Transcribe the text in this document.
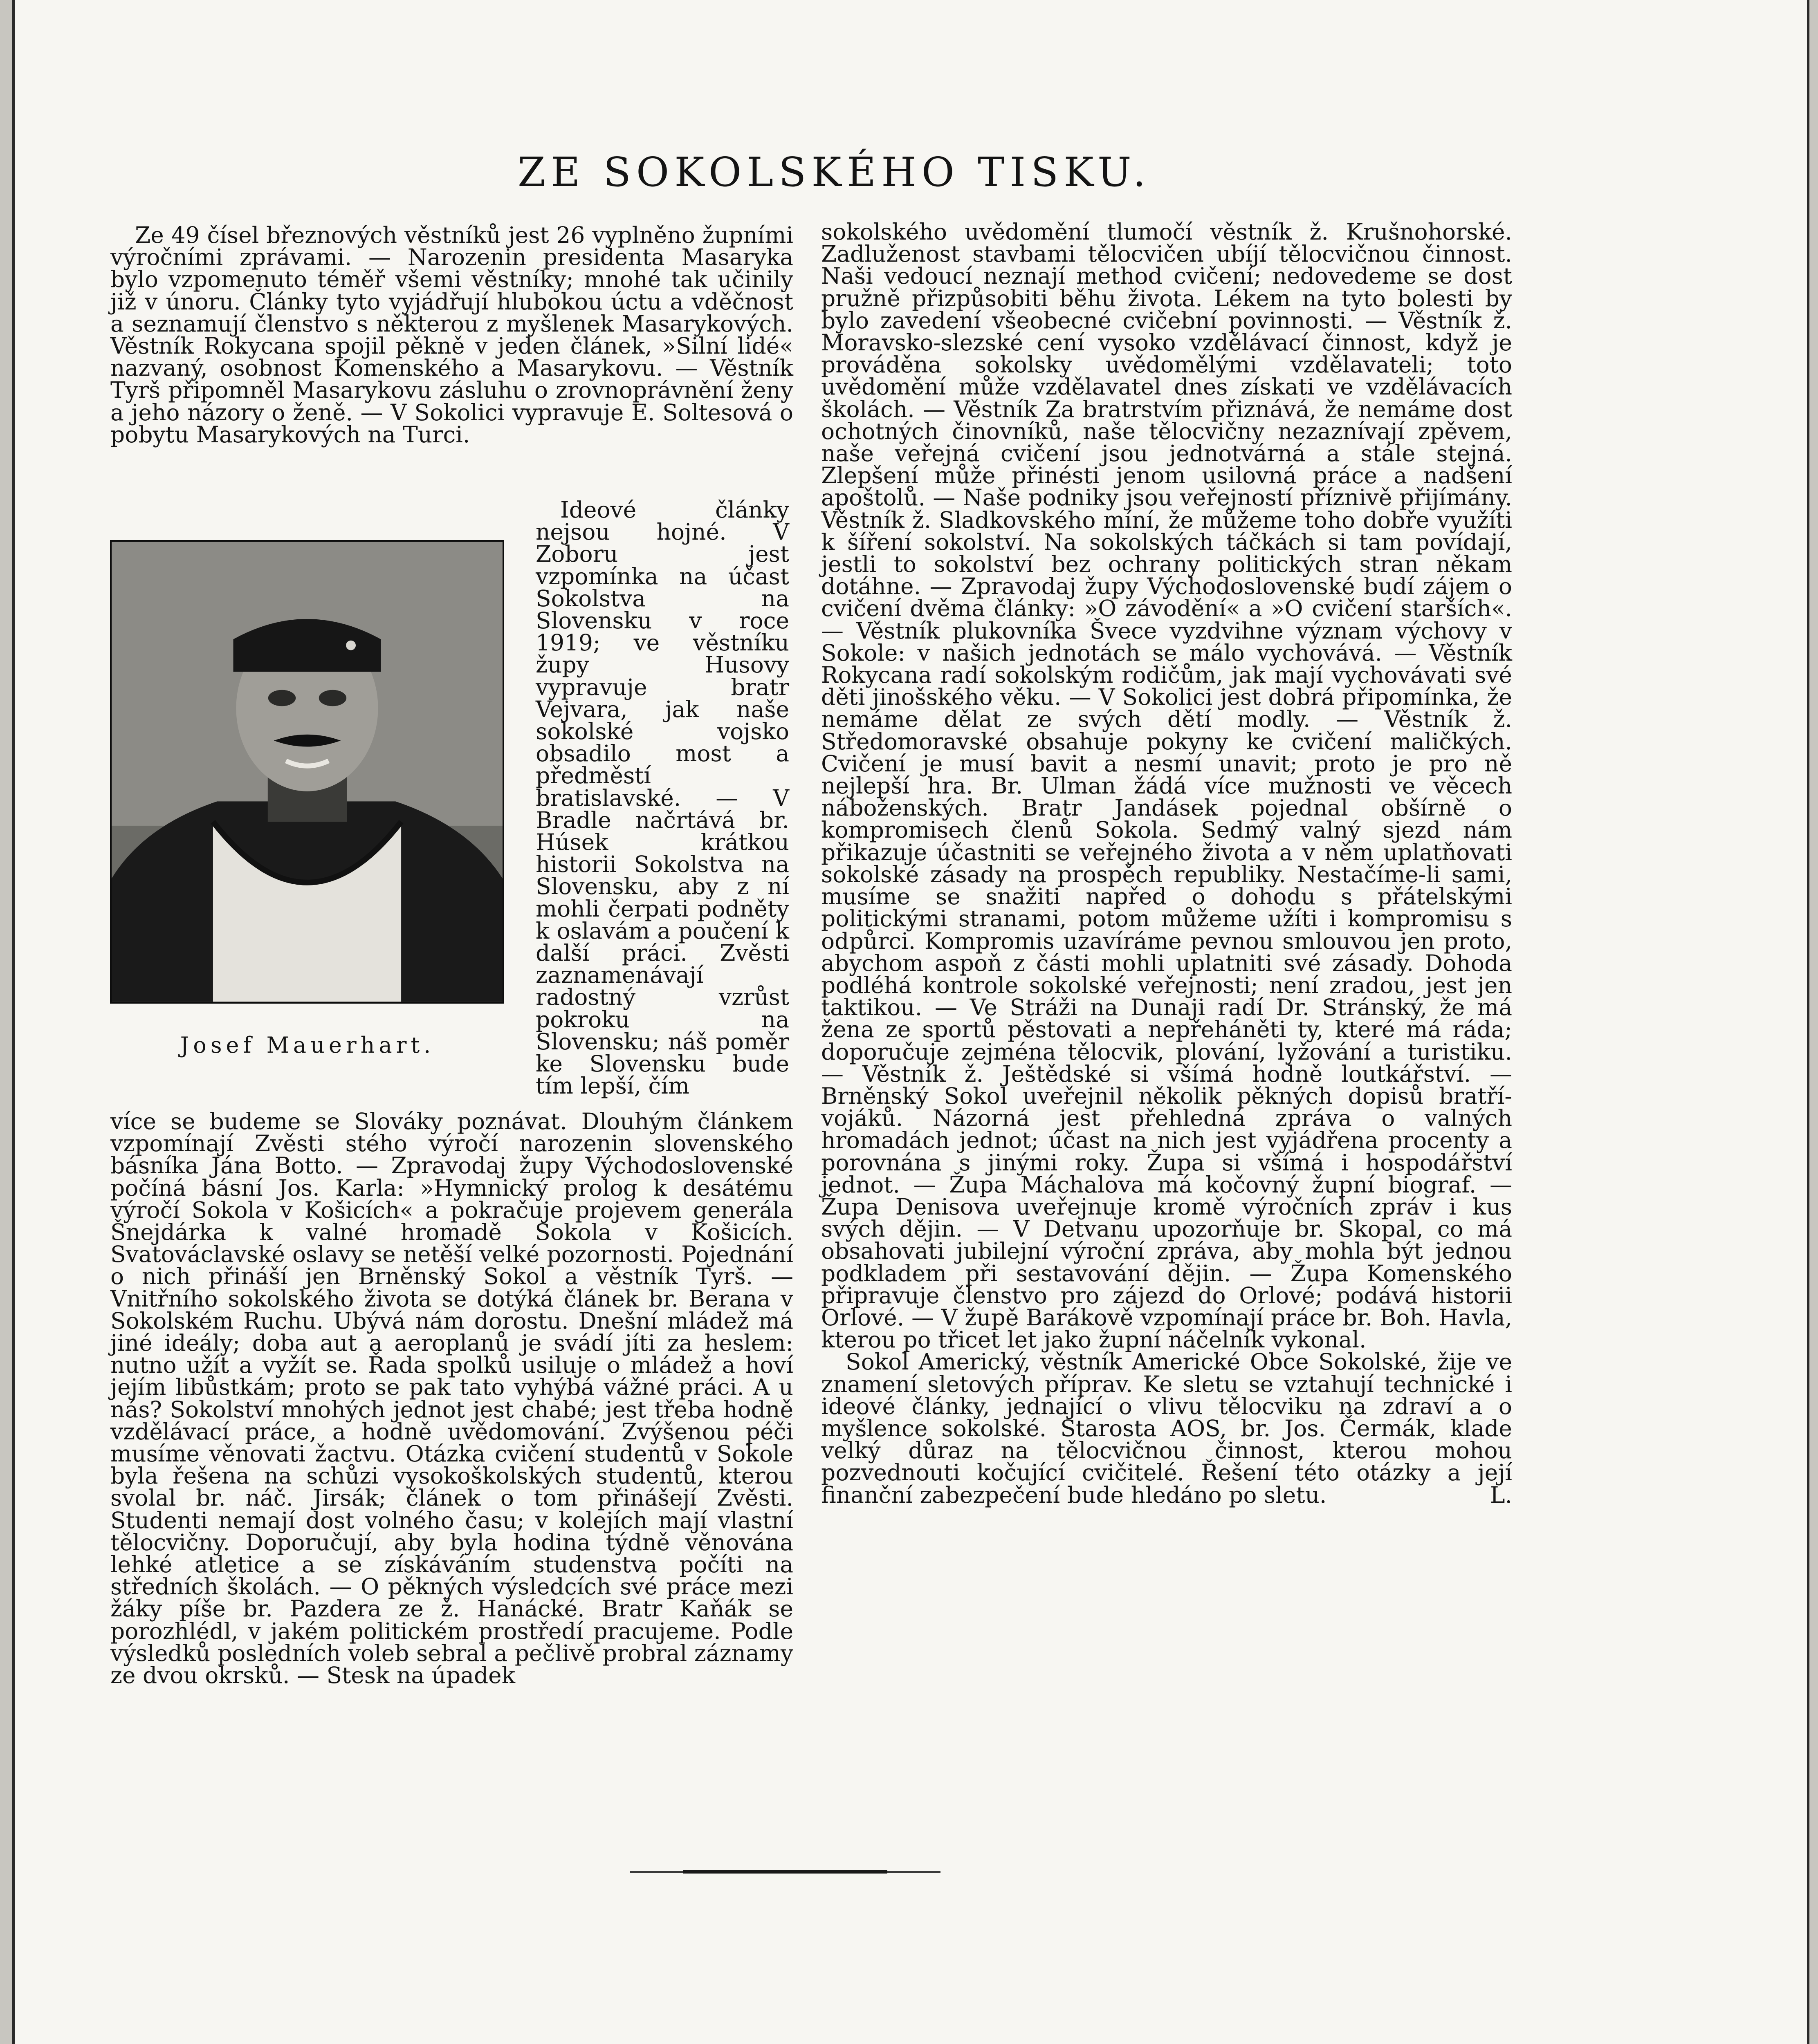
ZE SOKOLSKÉHO TISKU.

Ze 49 čísel březnových věstníků jest 26 vyplněno župními výročními zprávami. — Narozenin presidenta Masaryka bylo vzpomenuto téměř všemi věstníky; mnohé tak učinily již v únoru. Články tyto vyjádřují hlubokou úctu a vděčnost a seznamují členstvo s některou z myšlenek Masarykových. Věstník Rokycana spojil pěkně v jeden článek, »Silní lidé« nazvaný, osobnost Komenského a Masarykovu. — Věstník Tyrš připomněl Masarykovu zásluhu o zrovnoprávnění ženy a jeho názory o ženě. — V Sokolici vypravuje E. Soltesová o pobytu Masarykových na Turci.

Josef Mauerhart.

Ideové články nejsou hojné. V Zoboru jest vzpomínka na účast Sokolstva na Slovensku v roce 1919; ve věstníku župy Husovy vypravuje bratr Vejvara, jak naše sokolské vojsko obsadilo most a předměstí bratislavské. — V Bradle načrtává br. Húsek krátkou historii Sokolstva na Slovensku, aby z ní mohli čerpati podněty k oslavám a poučení k další práci. Zvěsti zaznamenávají radostný vzrůst pokroku na Slovensku; náš poměr ke Slovensku bude tím lepší, čím

více se budeme se Slováky poznávat. Dlouhým článkem vzpomínají Zvěsti stého výročí narozenin slovenského básníka Jána Botto. — Zpravodaj župy Východoslovenské počíná básní Jos. Karla: »Hymnický prolog k desátému výročí Sokola v Košicích« a pokračuje projevem generála Šnejdárka k valné hromadě Sokola v Košicích. Svatováclavské oslavy se netěší velké pozornosti. Pojednání o nich přináší jen Brněnský Sokol a věstník Tyrš. — Vnitřního sokolského života se dotýká článek br. Berana v Sokolském Ruchu. Ubývá nám dorostu. Dnešní mládež má jiné ideály; doba aut a aeroplanů je svádí jíti za heslem: nutno užít a vyžít se. Řada spolků usiluje o mládež a hoví jejím libůstkám; proto se pak tato vyhýbá vážné práci. A u nás? Sokolství mnohých jednot jest chabé; jest třeba hodně vzdělávací práce, a hodně uvědomování. Zvýšenou péči musíme věnovati žactvu. Otázka cvičení studentů v Sokole byla řešena na schůzi vysokoškolských studentů, kterou svolal br. náč. Jirsák; článek o tom přinášejí Zvěsti. Studenti nemají dost volného času; v kolejích mají vlastní tělocvičny. Doporučují, aby byla hodina týdně věnována lehké atletice a se získáváním studenstva počíti na středních školách. — O pěkných výsledcích své práce mezi žáky píše br. Pazdera ze ž. Hanácké. Bratr Kaňák se porozhlédl, v jakém politickém prostředí pracujeme. Podle výsledků posledních voleb sebral a pečlivě probral záznamy ze dvou okrsků. — Stesk na úpadek

sokolského uvědomění tlumočí věstník ž. Krušnohorské. Zadluženost stavbami tělocvičen ubíjí tělocvičnou činnost. Naši vedoucí neznají method cvičení; nedovedeme se dost pružně přizpůsobiti běhu života. Lékem na tyto bolesti by bylo zavedení všeobecné cvičební povinnosti. — Věstník ž. Moravsko-slezské cení vysoko vzdělávací činnost, když je prováděna sokolsky uvědomělými vzdělavateli; toto uvědomění může vzdělavatel dnes získati ve vzdělávacích školách. — Věstník Za bratrstvím přiznává, že nemáme dost ochotných činovníků, naše tělocvičny nezaznívají zpěvem, naše veřejná cvičení jsou jednotvárná a stále stejná. Zlepšení může přinésti jenom usilovná práce a nadšení apoštolů. — Naše podniky jsou veřejností příznivě přijímány. Věstník ž. Sladkovského míní, že můžeme toho dobře využíti k šíření sokolství. Na sokolských táčkách si tam povídají, jestli to sokolství bez ochrany politických stran někam dotáhne. — Zpravodaj župy Východoslovenské budí zájem o cvičení dvěma články: »O závodění« a »O cvičení starších«. — Věstník plukovníka Švece vyzdvihne význam výchovy v Sokole: v našich jednotách se málo vychovává. — Věstník Rokycana radí sokolským rodičům, jak mají vychovávati své děti jinošského věku. — V Sokolici jest dobrá připomínka, že nemáme dělat ze svých dětí modly. — Věstník ž. Středomoravské obsahuje pokyny ke cvičení maličkých. Cvičení je musí bavit a nesmí unavit; proto je pro ně nejlepší hra. Br. Ulman žádá více mužnosti ve věcech náboženských. Bratr Jandásek pojednal obšírně o kompromisech členů Sokola. Sedmý valný sjezd nám přikazuje účastniti se veřejného života a v něm uplatňovati sokolské zásady na prospěch republiky. Nestačíme-li sami, musíme se snažiti napřed o dohodu s přátelskými politickými stranami, potom můžeme užíti i kompromisu s odpůrci. Kompromis uzavíráme pevnou smlouvou jen proto, abychom aspoň z části mohli uplatniti své zásady. Dohoda podléhá kontrole sokolské veřejnosti; není zradou, jest jen taktikou. — Ve Stráži na Dunaji radí Dr. Stránský, že má žena ze sportů pěstovati a nepřeháněti ty, které má ráda; doporučuje zejména tělocvik, plování, lyžování a turistiku. — Věstník ž. Ještědské si všímá hodně loutkářství. — Brněnský Sokol uveřejnil několik pěkných dopisů bratří-vojáků. Názorná jest přehledná zpráva o valných hromadách jednot; účast na nich jest vyjádřena procenty a porovnána s jinými roky. Župa si všímá i hospodářství jednot. — Župa Máchalova má kočovný župní biograf. — Župa Denisova uveřejnuje kromě výročních zpráv i kus svých dějin. — V Detvanu upozorňuje br. Skopal, co má obsahovati jubilejní výroční zpráva, aby mohla být jednou podkladem při sestavování dějin. — Župa Komenského připravuje členstvo pro zájezd do Orlové; podává historii Orlové. — V župě Barákově vzpomínají práce br. Boh. Havla, kterou po třicet let jako župní náčelník vykonal.

Sokol Americký, věstník Americké Obce Sokolské, žije ve znamení sletových příprav. Ke sletu se vztahují technické i ideové články, jednající o vlivu tělocviku na zdraví a o myšlence sokolské. Starosta AOS, br. Jos. Čermák, klade velký důraz na tělocvičnou činnost, kterou mohou pozvednouti kočující cvičitelé. Řešení této otázky a její finanční zabezpečení bude hledáno po sletu.	L.
